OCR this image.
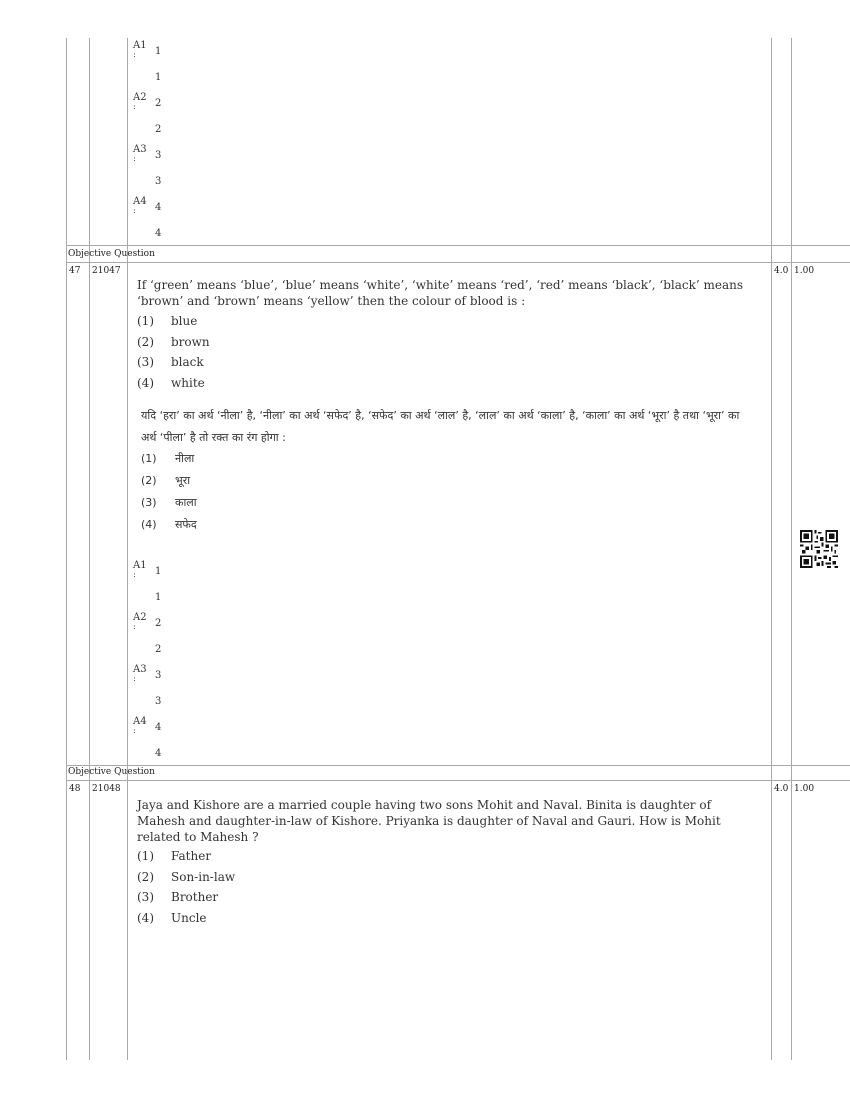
A1
: 1
1
A2
: 2
2
A3
: 3
3
A4
: 4
4
Objective Question
47 21047	4.0 1.00
If ‘green’ means ‘blue’, ‘blue’ means ‘white’, ‘white’ means ‘red’, ‘red’ means ‘black’, ‘black’ means ‘brown’ and ‘brown’ means ‘yellow’ then the colour of blood is :
(1) blue
(2) brown
(3) black
(4) white
यदि ‘हरा’ का अर्थ ‘नीला’ है, ‘नीला’ का अर्थ ‘सफेद’ है, ‘सफेद’ का अर्थ ‘लाल’ है, ‘लाल’ का अर्थ ‘काला’ है, ‘काला’ का अर्थ ‘भूरा’ है तथा ‘भूरा’ का अर्थ ‘पीला’ है तो रक्त का रंग होगा :
(1) नीला
(2) भूरा
(3) काला
(4) सफेद
A1
: 1
1
A2
: 2
2
A3
: 3
3
A4
: 4
4
Objective Question
48 21048	4.0 1.00
Jaya and Kishore are a married couple having two sons Mohit and Naval. Binita is daughter of Mahesh and daughter-in-law of Kishore. Priyanka is daughter of Naval and Gauri. How is Mohit related to Mahesh ?
(1) Father
(2) Son-in-law
(3) Brother
(4) Uncle
